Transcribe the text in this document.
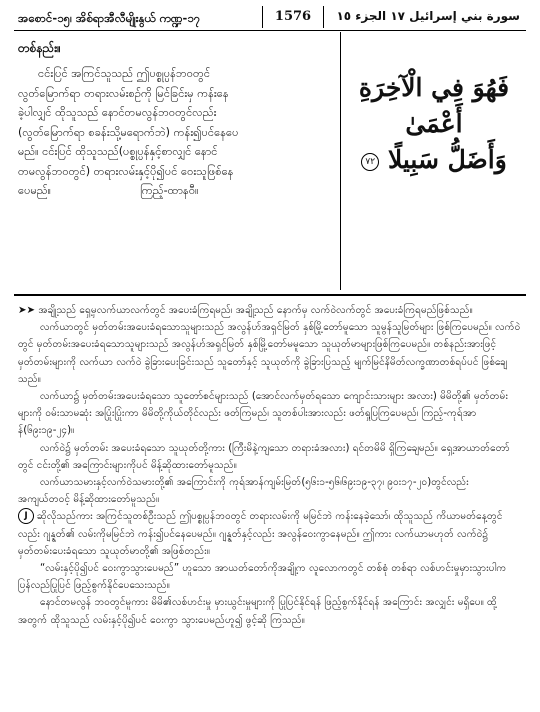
အစောင်-၁၅၊ အိစ်ရာအီလီမျိုးနွယ် ကဏ္ဍ-၁၇	1576	سورة بني إسرائيل ١٧ الجزء ١٥
တစ်နည်း။

ငင်းပြင် အကြင်သူသည် ဤပစ္စုပ္ပန်ဘဝတွင်
လွတ်မြောက်ရာ တရားလမ်းစဉ်ကို မြင်ခြင်းမှ ကန်းနေ
ခဲ့ပါလျှင် ထိုသူသည် နောင်တမလွန်ဘဝတွင်လည်း
(လွတ်မြောက်ရာ စခန်းသို့မရောက်ဘဲ) ကန်း၍ပင်နေပေ
မည်။ ငင်းပြင် ထိုသူသည်(ပစ္စုပ္ပန်နှင့်စာလျှင် နောင်
တမလွန်ဘဝတွင်) တရားလမ်းနှင့်ပို၍ပင် ဝေးသူဖြစ်နေ
ပေမည်။                         ကြည့်-ထာနဝီ။

فَهُوَ فِي الْآخِرَةِ أَعْمَىٰ
وَأَضَلُّ سَبِيلًا ٧٢

➤➤ အချို့သည် ရှေ့မှလက်ယာလက်တွင် အပေးခံကြရမည်၊ အချို့သည် နောက်မှ လက်ဝဲလက်တွင် အပေးခံကြရမည်ဖြစ်သည်။

လက်ယာတွင် မှတ်တမ်းအပေးခံရသောသူများသည် အလွန်ဟ်အရှင်မြတ် နှစ်မြို့တော်မူသော သူမွန်သူမြတ်များ ဖြစ်ကြပေမည်။ လက်ဝဲတွင် မှတ်တမ်းအပေးခံရသောသူများသည် အလွန်ဟ်အရှင်မြတ် နှစ်မြို့တော်မမူသော သူယုတ်မာများဖြစ်ကြပေမည်။ တစ်နည်းအားဖြင့် မှတ်တမ်းများကို လက်ယာ လက်ဝဲ ခွဲခြားပေးခြင်းသည် သူတော်နှင့် သူယုတ်ကို ခွဲခြားပြသည့် မျက်မြင်နိမိတ်လက္ခဏာတစ်ရပ်ပင် ဖြစ်ချေသည်။

လက်ယာ၌ မှတ်တမ်းအပေးခံရသော သူတော်စင်များသည် (အောင်လက်မှတ်ရသော ကျောင်းသားများ အလား) မိမိတို့၏ မှတ်တမ်းများကို ဝမ်းသာမဆုံး အပြုံးပြုံးကာ မိမိတို့ကိုယ်တိုင်လည်း ဖတ်ကြမည်၊ သူတစ်ပါးအားလည်း ဖတ်ရှုပြကြပေမည်၊ ကြည့်-ကုရ်အာန်(၆၉း၁၉-၂၄)။

လက်ဝဲ၌ မှတ်တမ်း အပေးခံရသော သူယုတ်တို့ကား (ကြီးမိနဲ့ကျသော တရားခံအလား) ရင်တမိမိ ရှိကြချေမည်။ ရှေ့အာယာတ်တော်တွင် ငင်းတို့၏ အကြောင်းများကိုပင် မိန့်ဆိုထားတော်မူသည်။

လက်ယာသမားနှင့်လက်ဝဲသမားတို့၏ အကြောင်းကို ကုရ်အာန်ကျမ်းမြတ်(၅၆း၁-၅၆၊၆၉း၁၉-၃၇၊ ၉၀း၁၇-၂၀)တွင်လည်း အကျယ်တဝင့် မိန့်ဆိုထားတော်မူသည်။

J ဆိုလိုသည်ကား အကြင်သူတစ်ဦးသည် ဤပစ္စုပ္ပန်ဘဝတွင် တရားလမ်းကို မမြင်ဘဲ ကန်းနေခဲ့သော်၊ ထိုသူသည် ကိယာမတ်နေ့တွင်လည်း ဂျန္နတ်၏ လမ်းကိုမမြင်ဘဲ ကန်း၍ပင်နေပေမည်။ ဂျန္နတ်နှင့်လည်း အလွန်ဝေးကွာနေမည်။ ဤကား လက်ယာမဟုတ် လက်ဝဲ၌ မှတ်တမ်းပေးခံရသော သူယုတ်မာတို့၏ အဖြစ်တည်း။

“လမ်းနှင့်ပို၍ပင် ဝေးကွာသွားပေမည်” ဟူသော အာယတ်တော်ကိုအချို့က လူလောကတွင် တစ်စုံ တစ်ရာ လစ်ဟင်းမှုမှားသွားပါက ပြန်လည်ပြုပြင် ဖြည့်စွက်နိုင်ပေသေးသည်။

နောင်တမလွန် ဘဝတွင်မူကား မိမိ၏လစ်ဟင်းမှု မှားယွင်းမှုများကို ပြုပြင်နိုင်ရန် ဖြည့်စွက်နိုင်ရန် အကြောင်း အလျှင်း မရှိပေ။ ထို့အတွက် ထိုသူသည် လမ်းနှင့်ပို၍ပင် ဝေးကွာ သွားပေမည်ဟူ၍ ဖွင့်ဆို ကြသည်။
